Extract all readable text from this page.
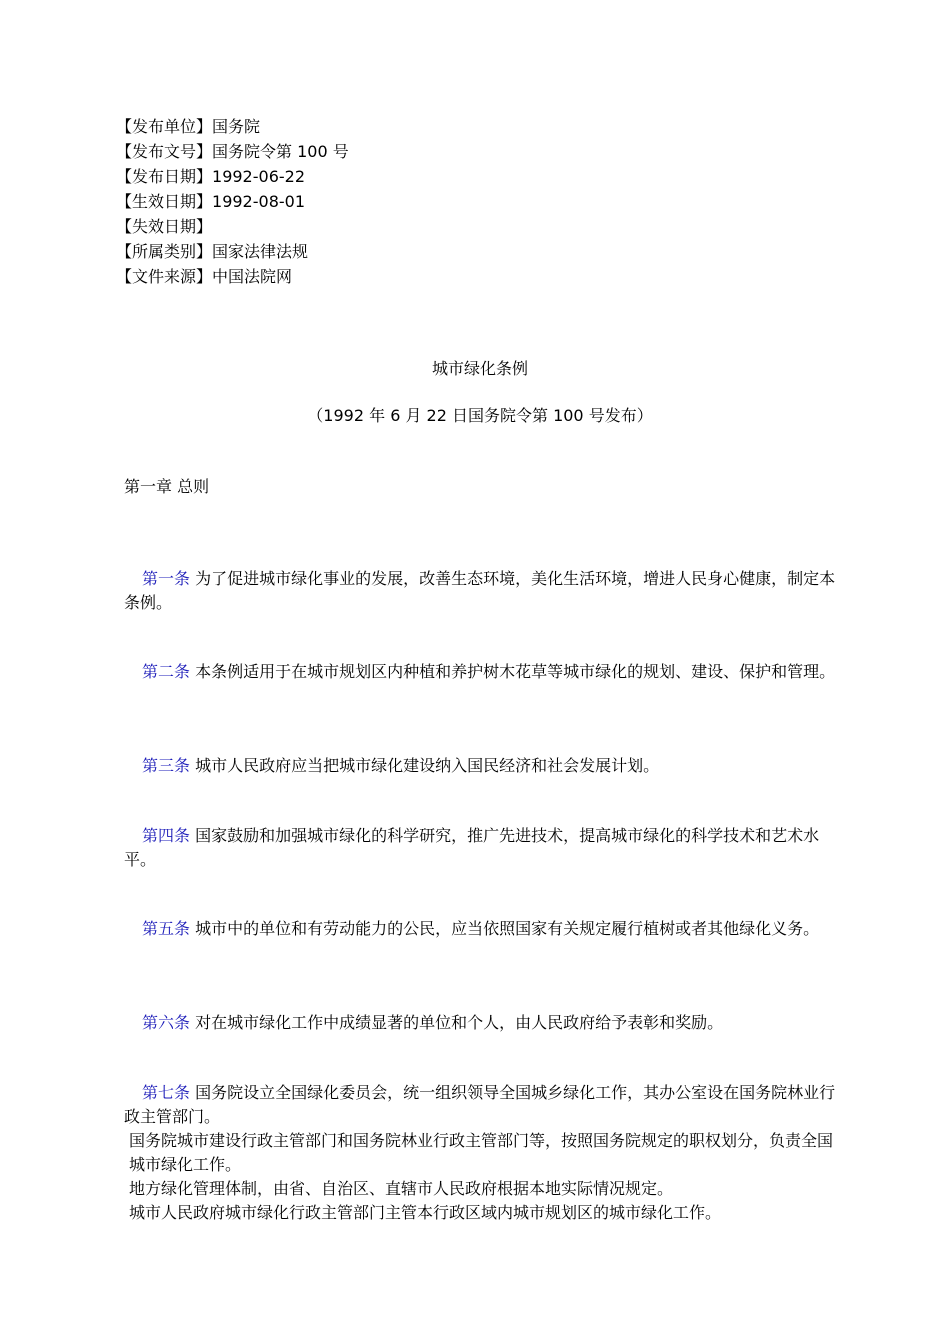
【发布单位】国务院
【发布文号】国务院令第 100 号
【发布日期】1992-06-22
【生效日期】1992-08-01
【失效日期】
【所属类别】国家法律法规
【文件来源】中国法院网
城市绿化条例
（1992 年 6 月 22 日国务院令第 100 号发布）
第一章 总则

第一条 为了促进城市绿化事业的发展，改善生态环境，美化生活环境，增进人民身心健康，制定本条例。

第二条 本条例适用于在城市规划区内种植和养护树木花草等城市绿化的规划、建设、保护和管理。

第三条 城市人民政府应当把城市绿化建设纳入国民经济和社会发展计划。

第四条 国家鼓励和加强城市绿化的科学研究，推广先进技术，提高城市绿化的科学技术和艺术水平。

第五条 城市中的单位和有劳动能力的公民，应当依照国家有关规定履行植树或者其他绿化义务。

第六条 对在城市绿化工作中成绩显著的单位和个人，由人民政府给予表彰和奖励。

第七条 国务院设立全国绿化委员会，统一组织领导全国城乡绿化工作，其办公室设在国务院林业行政主管部门。

国务院城市建设行政主管部门和国务院林业行政主管部门等，按照国务院规定的职权划分，负责全国城市绿化工作。

地方绿化管理体制，由省、自治区、直辖市人民政府根据本地实际情况规定。

城市人民政府城市绿化行政主管部门主管本行政区域内城市规划区的城市绿化工作。
